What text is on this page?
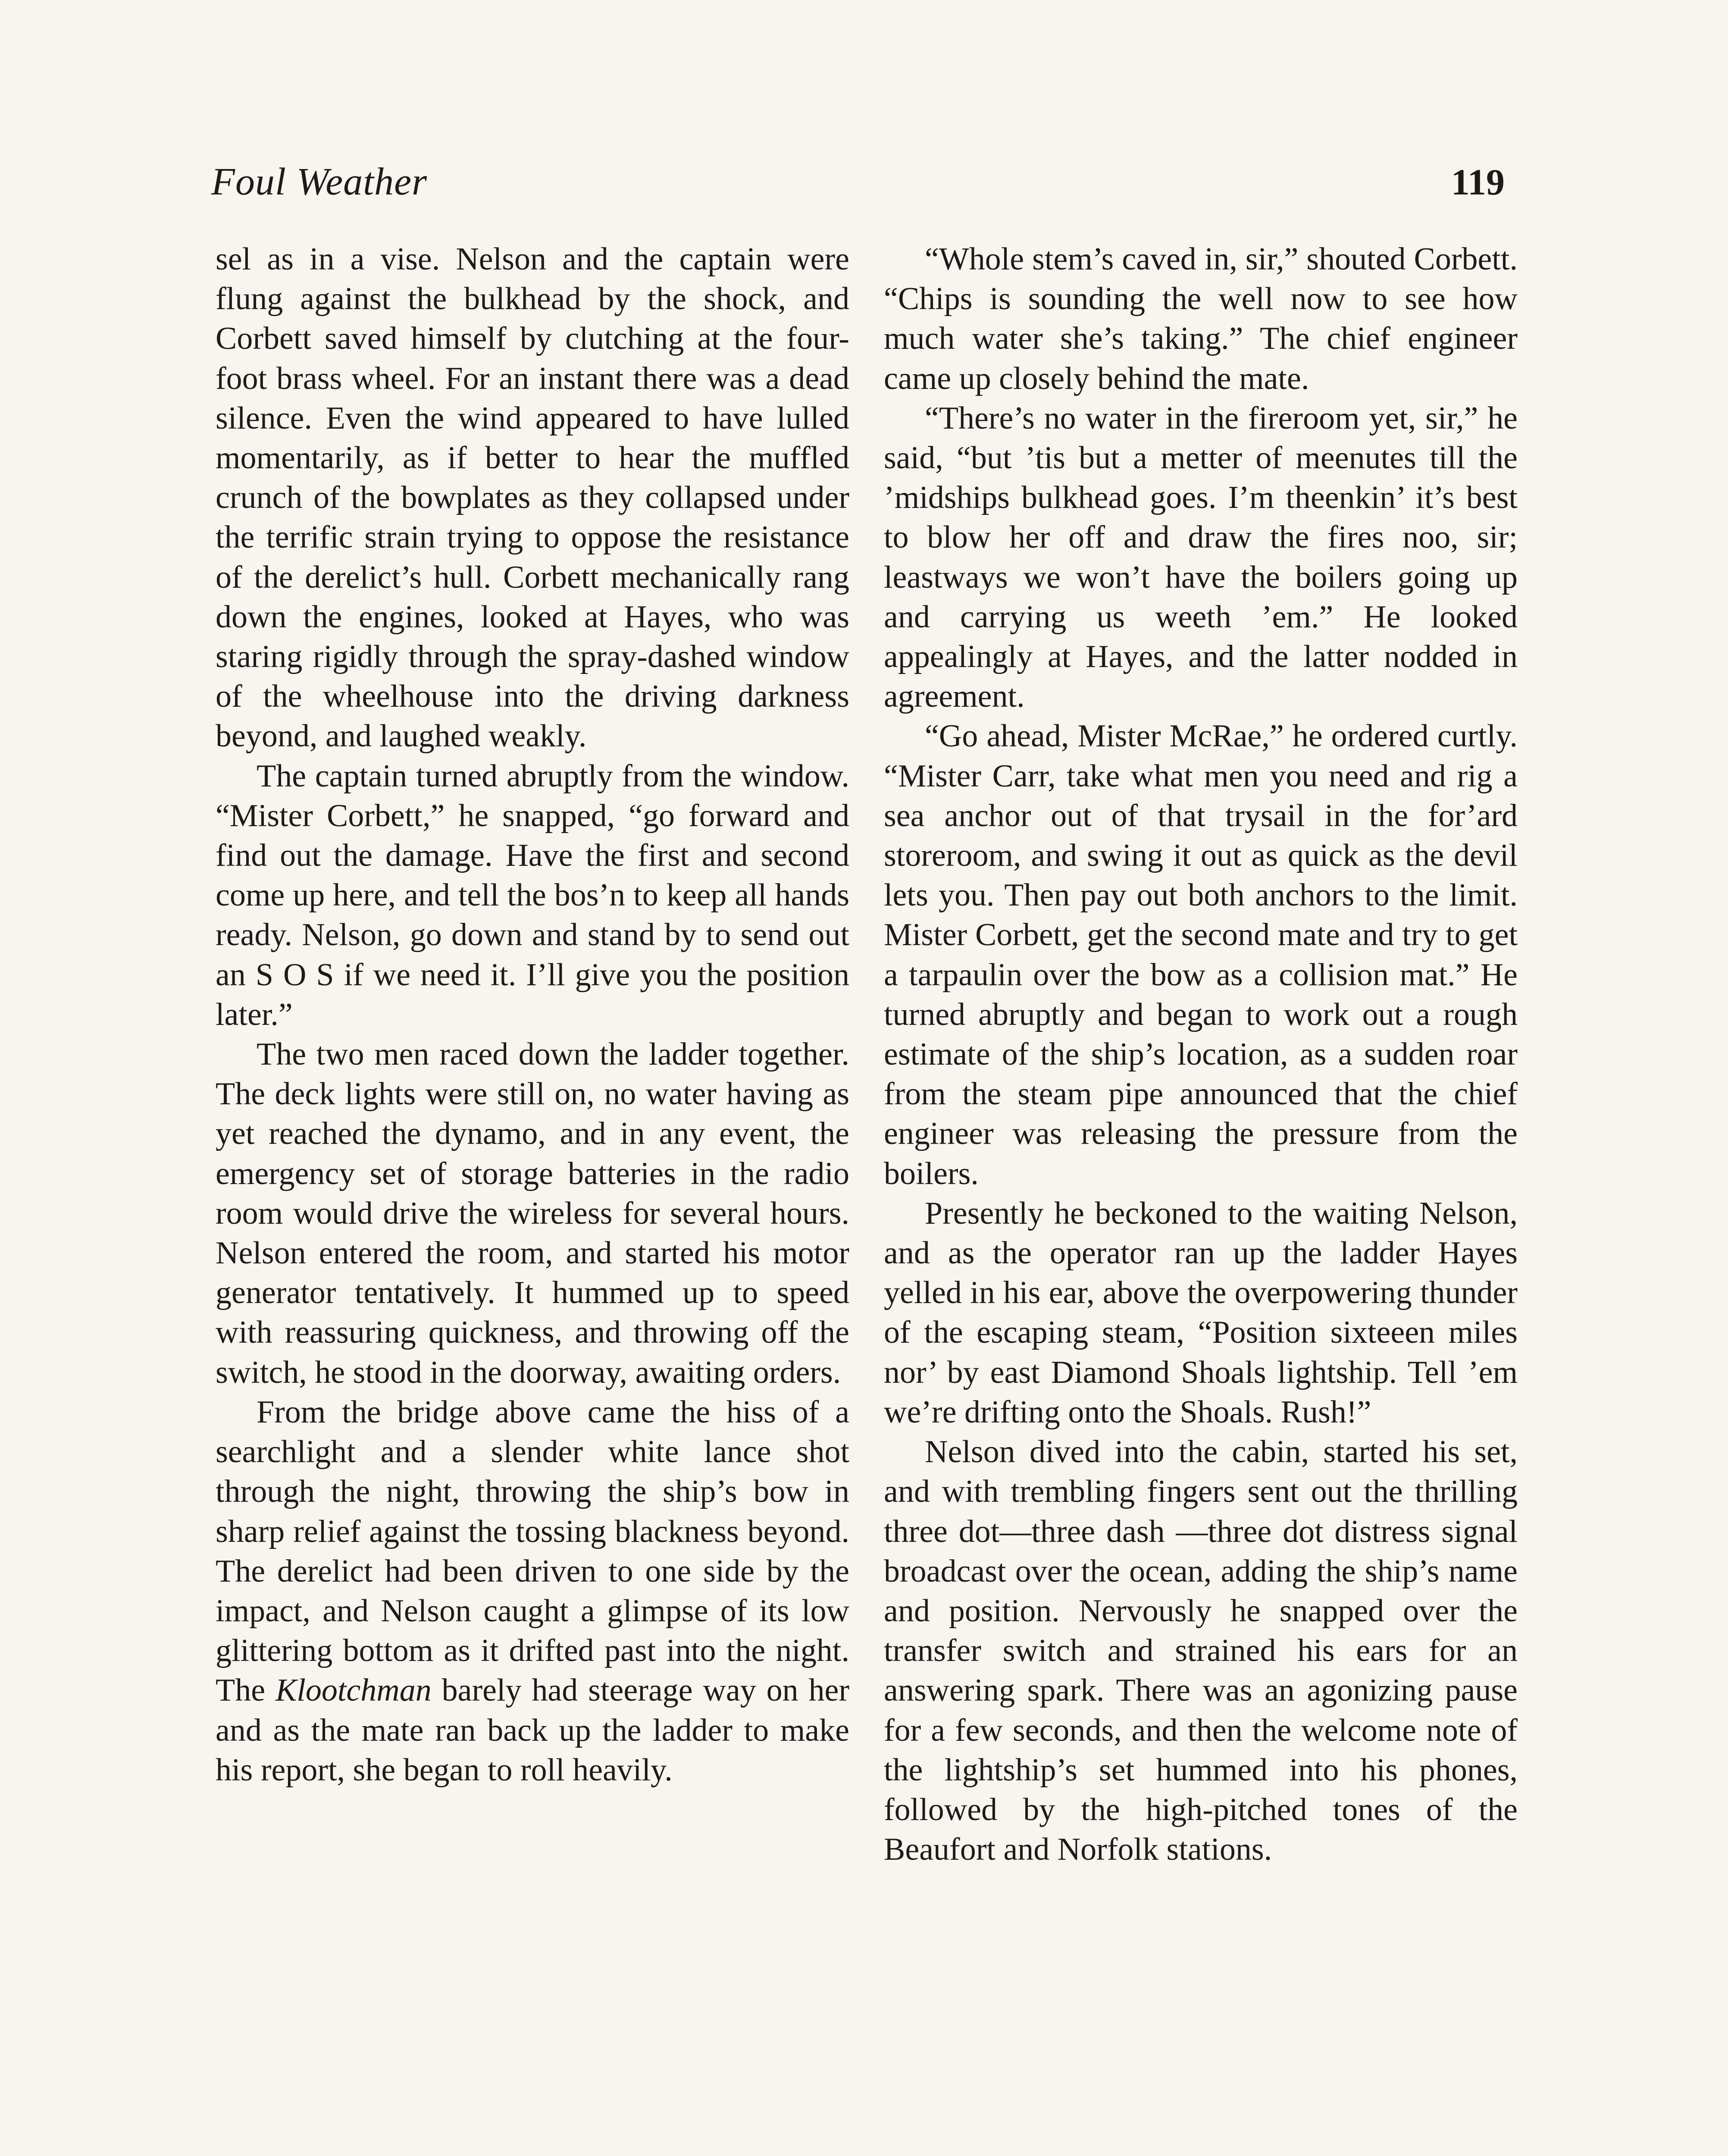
Foul Weather	119

sel as in a vise. Nelson and the captain were flung against the bulkhead by the shock, and Corbett saved himself by clutching at the four-foot brass wheel. For an instant there was a dead silence. Even the wind appeared to have lulled momentarily, as if better to hear the muffled crunch of the bowplates as they collapsed under the terrific strain trying to oppose the resistance of the derelict’s hull. Corbett mechanically rang down the engines, looked at Hayes, who was staring rigidly through the spray-dashed window of the wheelhouse into the driving darkness beyond, and laughed weakly.

The captain turned abruptly from the window. “Mister Corbett,” he snapped, “go forward and find out the damage. Have the first and second come up here, and tell the bos’n to keep all hands ready. Nelson, go down and stand by to send out an S O S if we need it. I’ll give you the position later.”

The two men raced down the ladder together. The deck lights were still on, no water having as yet reached the dynamo, and in any event, the emergency set of storage batteries in the radio room would drive the wireless for several hours. Nelson entered the room, and started his motor generator tentatively. It hummed up to speed with reassuring quickness, and throwing off the switch, he stood in the doorway, awaiting orders.

From the bridge above came the hiss of a searchlight and a slender white lance shot through the night, throwing the ship’s bow in sharp relief against the tossing blackness beyond. The derelict had been driven to one side by the impact, and Nelson caught a glimpse of its low glittering bottom as it drifted past into the night. The Klootchman barely had steerage way on her and as the mate ran back up the ladder to make his report, she began to roll heavily.

“Whole stem’s caved in, sir,” shouted Corbett. “Chips is sounding the well now to see how much water she’s taking.” The chief engineer came up closely behind the mate.

“There’s no water in the fireroom yet, sir,” he said, “but ’tis but a metter of meenutes till the ’midships bulkhead goes. I’m theenkin’ it’s best to blow her off and draw the fires noo, sir; leastways we won’t have the boilers going up and carrying us weeth ’em.” He looked appealingly at Hayes, and the latter nodded in agreement.

“Go ahead, Mister McRae,” he ordered curtly. “Mister Carr, take what men you need and rig a sea anchor out of that trysail in the for’ard storeroom, and swing it out as quick as the devil lets you. Then pay out both anchors to the limit. Mister Corbett, get the second mate and try to get a tarpaulin over the bow as a collision mat.” He turned abruptly and began to work out a rough estimate of the ship’s location, as a sudden roar from the steam pipe announced that the chief engineer was releasing the pressure from the boilers.

Presently he beckoned to the waiting Nelson, and as the operator ran up the ladder Hayes yelled in his ear, above the overpowering thunder of the escaping steam, “Position sixteeen miles nor’ by east Diamond Shoals lightship. Tell ’em we’re drifting onto the Shoals. Rush!”

Nelson dived into the cabin, started his set, and with trembling fingers sent out the thrilling three dot—three dash —three dot distress signal broadcast over the ocean, adding the ship’s name and position. Nervously he snapped over the transfer switch and strained his ears for an answering spark. There was an agonizing pause for a few seconds, and then the welcome note of the lightship’s set hummed into his phones, followed by the high-pitched tones of the Beaufort and Norfolk stations.
